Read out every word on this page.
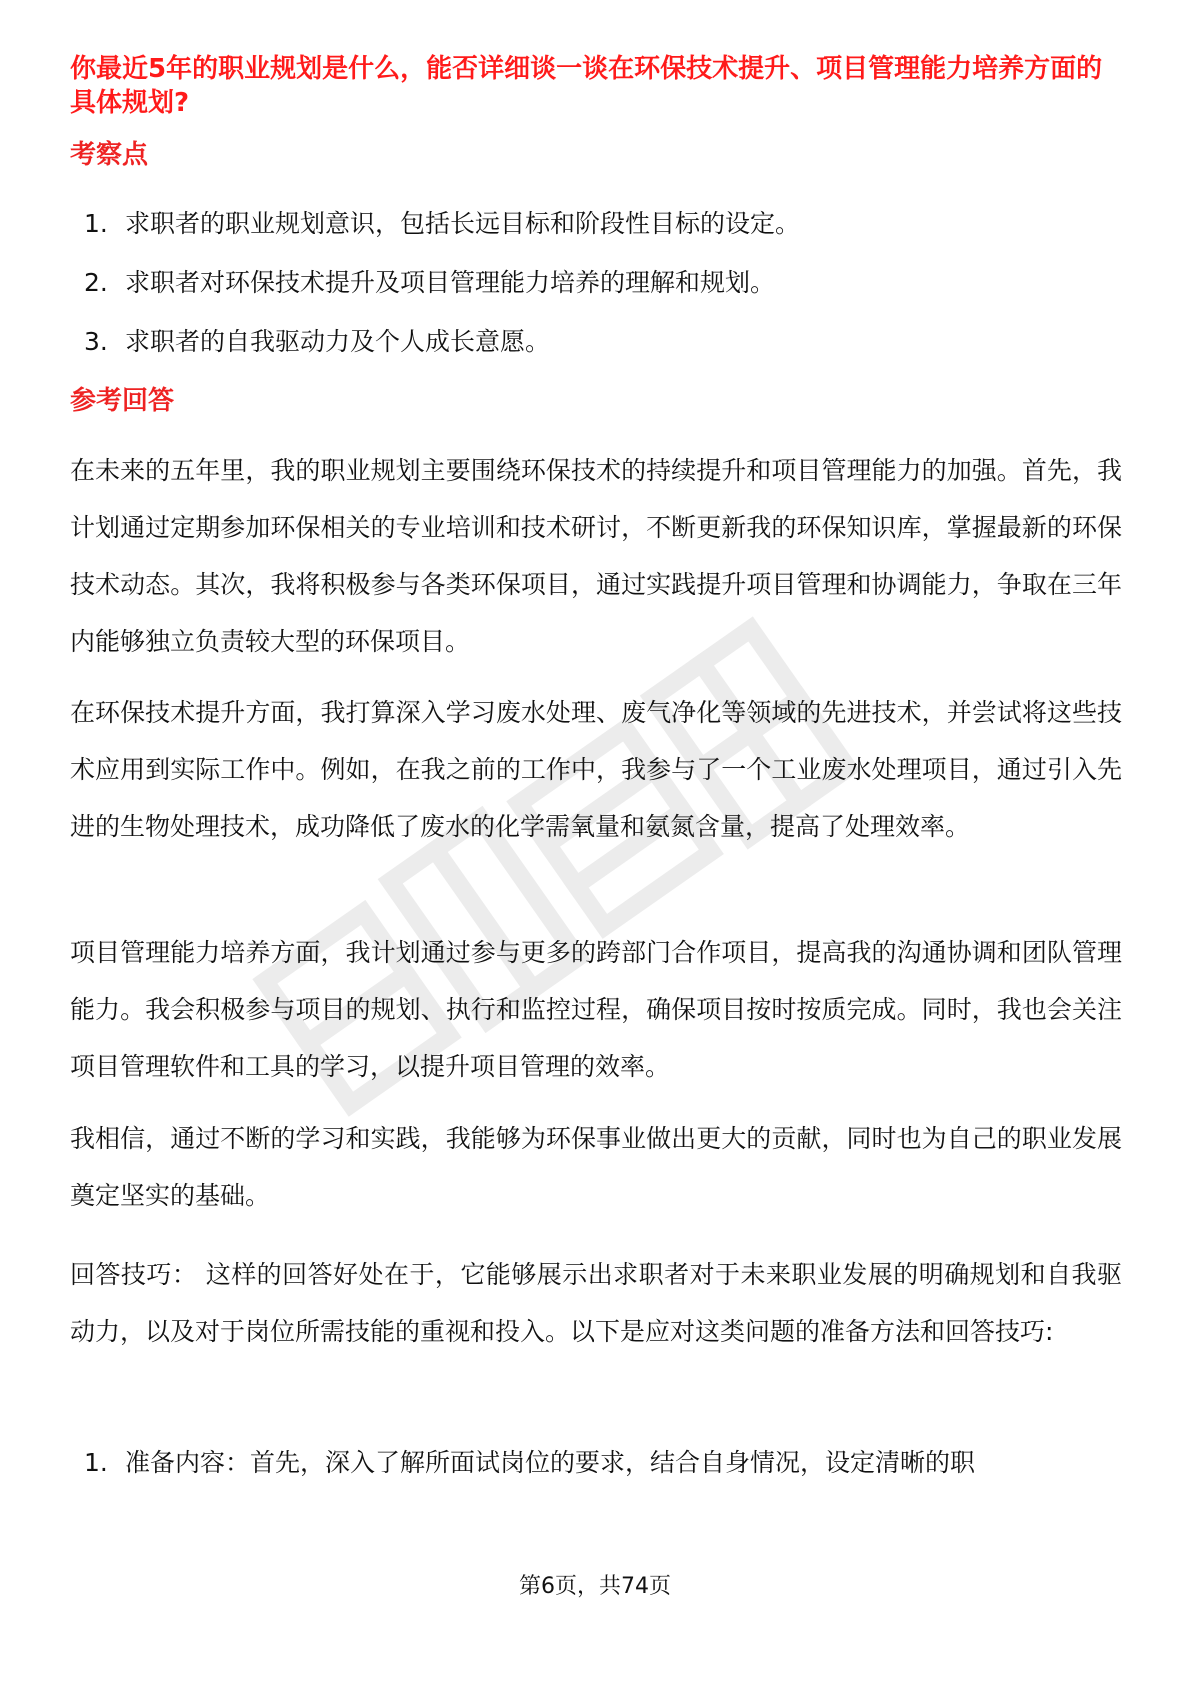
你最近5年的职业规划是什么，能否详细谈一谈在环保技术提升、项目管理能力培养方面的具体规划?
考察点
1. 求职者的职业规划意识，包括长远目标和阶段性目标的设定。
2. 求职者对环保技术提升及项目管理能力培养的理解和规划。
3. 求职者的自我驱动力及个人成长意愿。
参考回答

在未来的五年里，我的职业规划主要围绕环保技术的持续提升和项目管理能力的加强。首先，我计划通过定期参加环保相关的专业培训和技术研讨，不断更新我的环保知识库，掌握最新的环保技术动态。其次，我将积极参与各类环保项目，通过实践提升项目管理和协调能力，争取在三年内能够独立负责较大型的环保项目。

在环保技术提升方面，我打算深入学习废水处理、废气净化等领域的先进技术，并尝试将这些技术应用到实际工作中。例如，在我之前的工作中，我参与了一个工业废水处理项目，通过引入先进的生物处理技术，成功降低了废水的化学需氧量和氨氮含量，提高了处理效率。

项目管理能力培养方面，我计划通过参与更多的跨部门合作项目，提高我的沟通协调和团队管理能力。我会积极参与项目的规划、执行和监控过程，确保项目按时按质完成。同时，我也会关注项目管理软件和工具的学习，以提升项目管理的效率。

我相信，通过不断的学习和实践，我能够为环保事业做出更大的贡献，同时也为自己的职业发展奠定坚实的基础。

回答技巧： 这样的回答好处在于，它能够展示出求职者对于未来职业发展的明确规划和自我驱动力，以及对于岗位所需技能的重视和投入。以下是应对这类问题的准备方法和回答技巧:

1. 准备内容：首先，深入了解所面试岗位的要求，结合自身情况，设定清晰的职
第6页，共74页
